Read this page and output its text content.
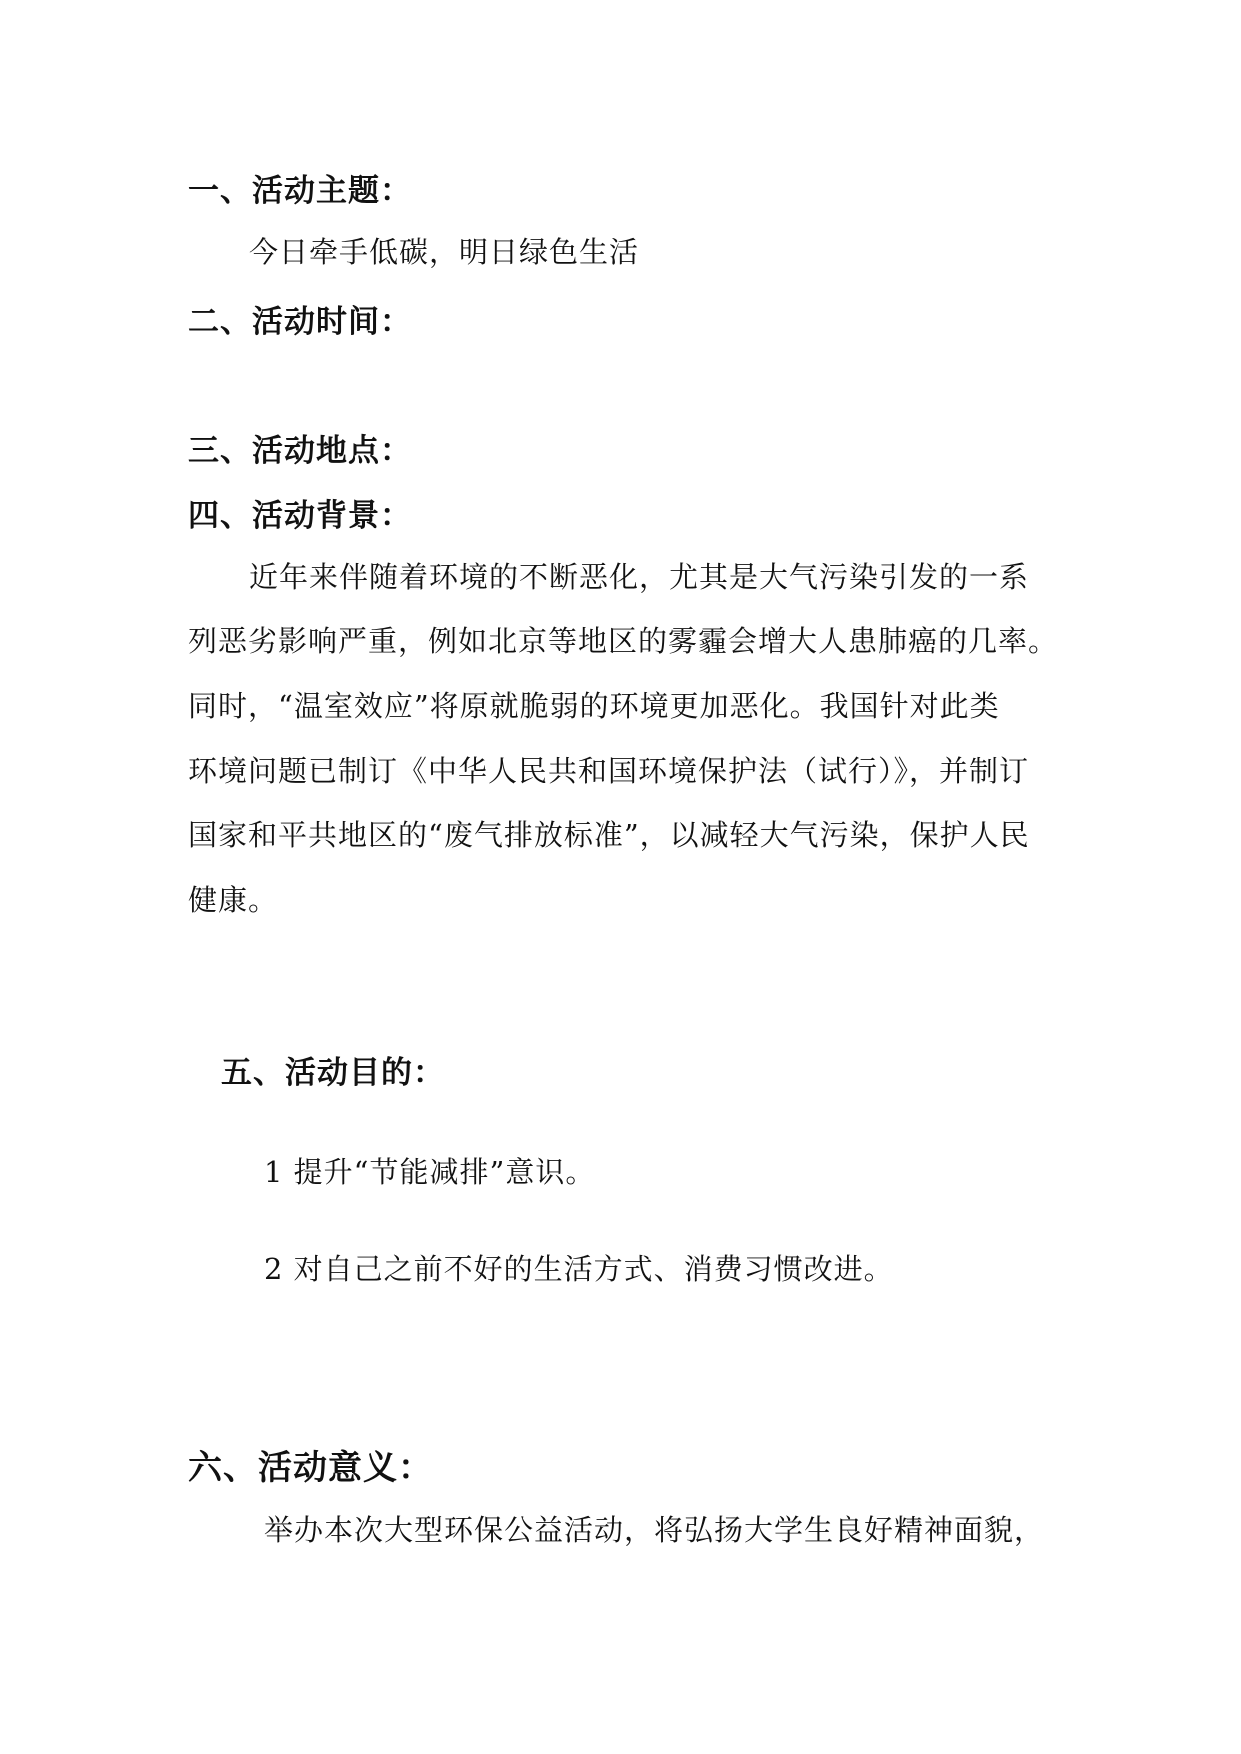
一、活动主题：
今日牵手低碳，明日绿色生活
二、活动时间：
三、活动地点：
四、活动背景：
近年来伴随着环境的不断恶化，尤其是大气污染引发的一系
列恶劣影响严重，例如北京等地区的雾霾会增大人患肺癌的几率。
同时，“温室效应”将原就脆弱的环境更加恶化。我国针对此类
环境问题已制订《中华人民共和国环境保护法（试行）》，并制订
国家和平共地区的“废气排放标准”，以减轻大气污染，保护人民
健康。
五、活动目的：
1 提升“节能减排”意识。
2 对自己之前不好的生活方式、消费习惯改进。
六、活动意义：
举办本次大型环保公益活动，将弘扬大学生良好精神面貌，
